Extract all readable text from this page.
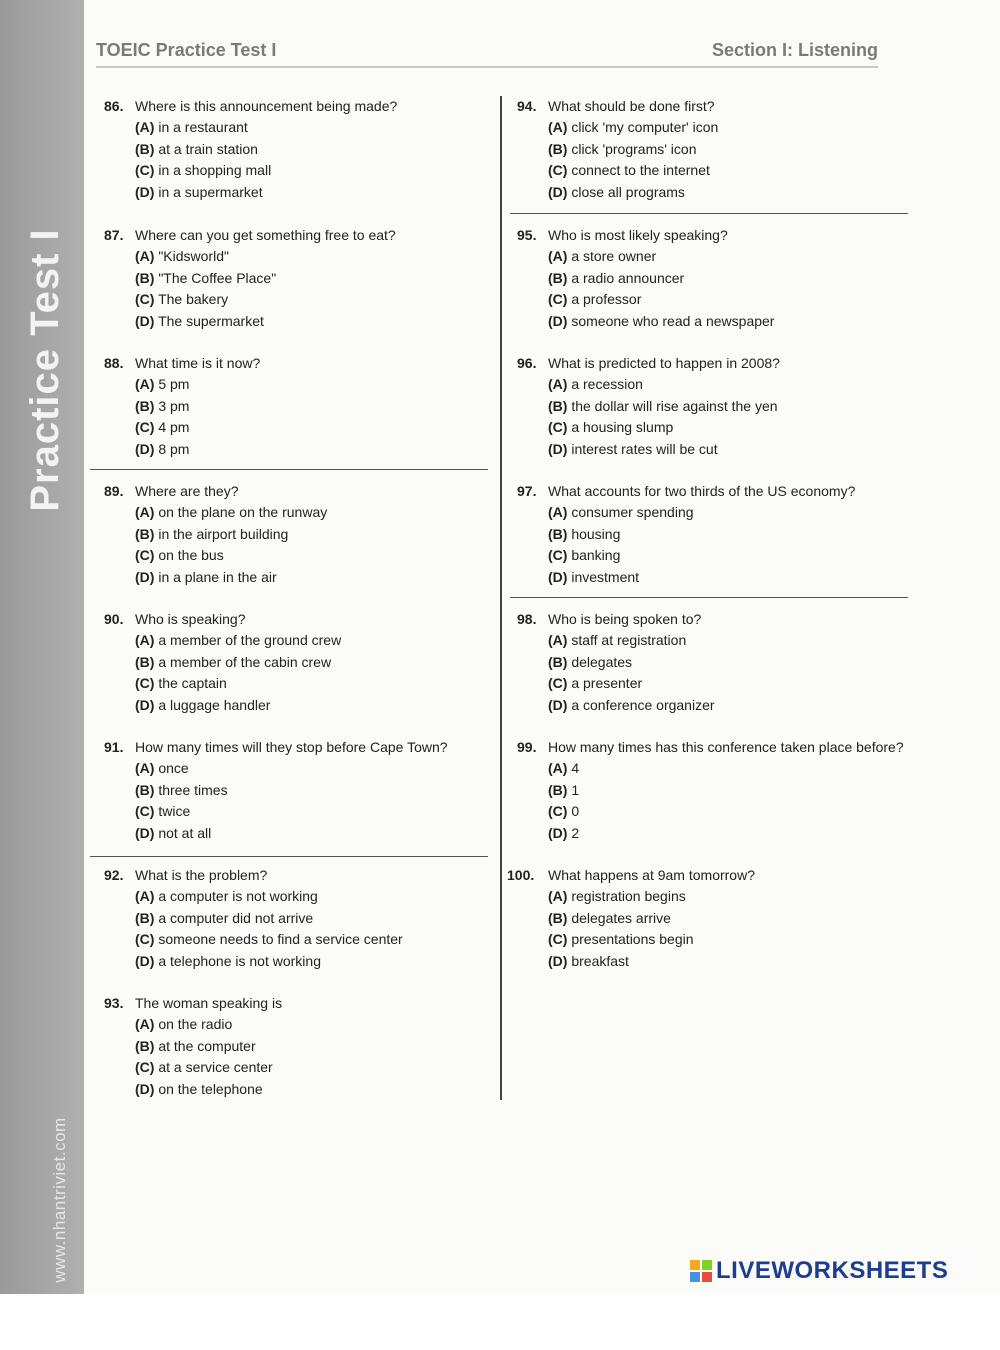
Practice Test I
www.nhantriviet.com
TOEIC Practice Test I	Section I: Listening
86. Where is this announcement being made?
(A) in a restaurant
(B) at a train station
(C) in a shopping mall
(D) in a supermarket
87. Where can you get something free to eat?
(A) "Kidsworld"
(B) "The Coffee Place"
(C) The bakery
(D) The supermarket
88. What time is it now?
(A) 5 pm
(B) 3 pm
(C) 4 pm
(D) 8 pm
89. Where are they?
(A) on the plane on the runway
(B) in the airport building
(C) on the bus
(D) in a plane in the air
90. Who is speaking?
(A) a member of the ground crew
(B) a member of the cabin crew
(C) the captain
(D) a luggage handler
91. How many times will they stop before Cape Town?
(A) once
(B) three times
(C) twice
(D) not at all
92. What is the problem?
(A) a computer is not working
(B) a computer did not arrive
(C) someone needs to find a service center
(D) a telephone is not working
93. The woman speaking is
(A) on the radio
(B) at the computer
(C) at a service center
(D) on the telephone
94. What should be done first?
(A) click 'my computer' icon
(B) click 'programs' icon
(C) connect to the internet
(D) close all programs
95. Who is most likely speaking?
(A) a store owner
(B) a radio announcer
(C) a professor
(D) someone who read a newspaper
96. What is predicted to happen in 2008?
(A) a recession
(B) the dollar will rise against the yen
(C) a housing slump
(D) interest rates will be cut
97. What accounts for two thirds of the US economy?
(A) consumer spending
(B) housing
(C) banking
(D) investment
98. Who is being spoken to?
(A) staff at registration
(B) delegates
(C) a presenter
(D) a conference organizer
99. How many times has this conference taken place before?
(A) 4
(B) 1
(C) 0
(D) 2
100. What happens at 9am tomorrow?
(A) registration begins
(B) delegates arrive
(C) presentations begin
(D) breakfast
LIVEWORKSHEETS
